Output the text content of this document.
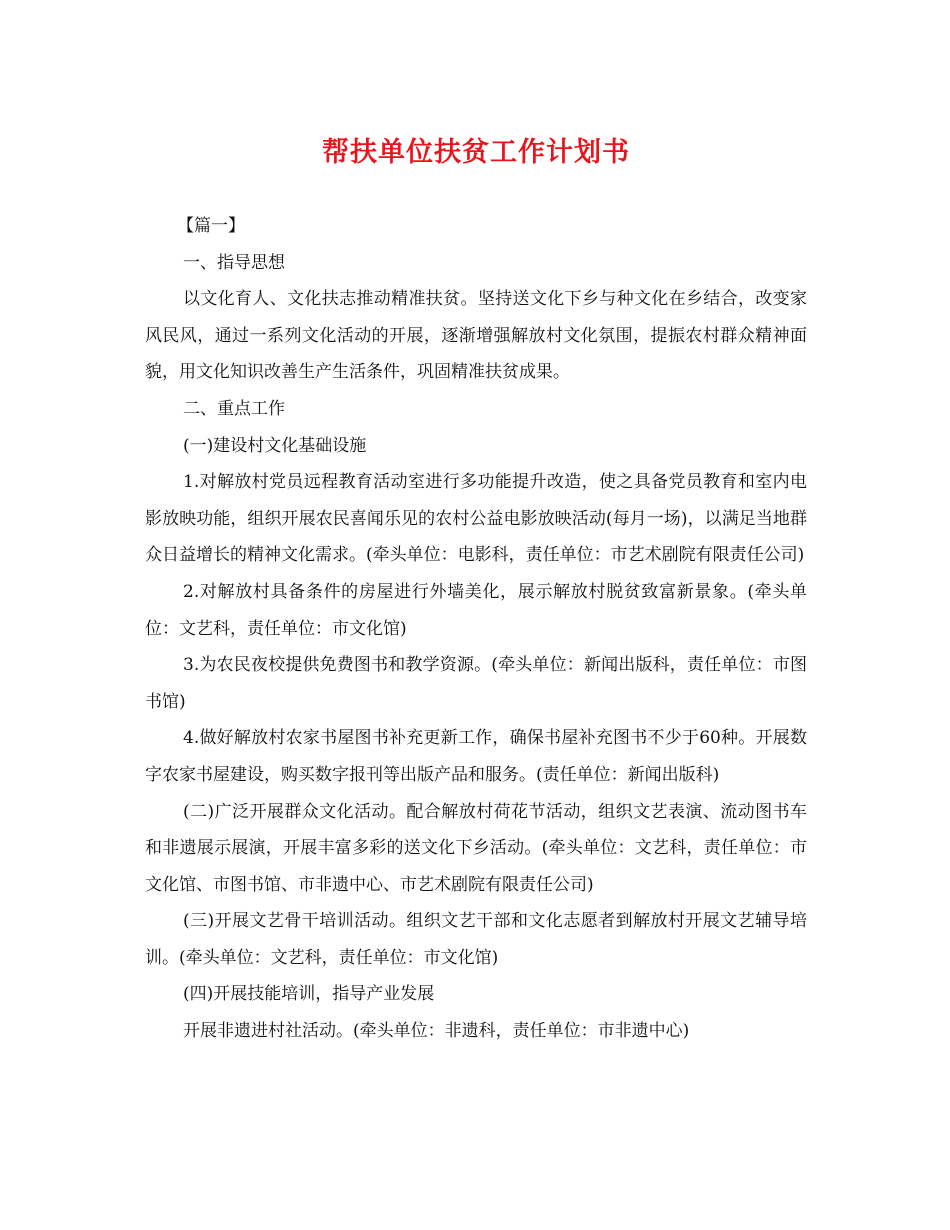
帮扶单位扶贫工作计划书

【篇一】

一、指导思想

以文化育人、文化扶志推动精准扶贫。坚持送文化下乡与种文化在乡结合，改变家风民风，通过一系列文化活动的开展，逐渐增强解放村文化氛围，提振农村群众精神面貌，用文化知识改善生产生活条件，巩固精准扶贫成果。

二、重点工作

(一)建设村文化基础设施

1.对解放村党员远程教育活动室进行多功能提升改造，使之具备党员教育和室内电影放映功能，组织开展农民喜闻乐见的农村公益电影放映活动(每月一场)，以满足当地群众日益增长的精神文化需求。(牵头单位：电影科，责任单位：市艺术剧院有限责任公司)

2.对解放村具备条件的房屋进行外墙美化，展示解放村脱贫致富新景象。(牵头单位：文艺科，责任单位：市文化馆)

3.为农民夜校提供免费图书和教学资源。(牵头单位：新闻出版科，责任单位：市图书馆)

4.做好解放村农家书屋图书补充更新工作，确保书屋补充图书不少于60种。开展数字农家书屋建设，购买数字报刊等出版产品和服务。(责任单位：新闻出版科)

(二)广泛开展群众文化活动。配合解放村荷花节活动，组织文艺表演、流动图书车和非遗展示展演，开展丰富多彩的送文化下乡活动。(牵头单位：文艺科，责任单位：市文化馆、市图书馆、市非遗中心、市艺术剧院有限责任公司)

(三)开展文艺骨干培训活动。组织文艺干部和文化志愿者到解放村开展文艺辅导培训。(牵头单位：文艺科，责任单位：市文化馆)

(四)开展技能培训，指导产业发展

开展非遗进村社活动。(牵头单位：非遗科，责任单位：市非遗中心)
